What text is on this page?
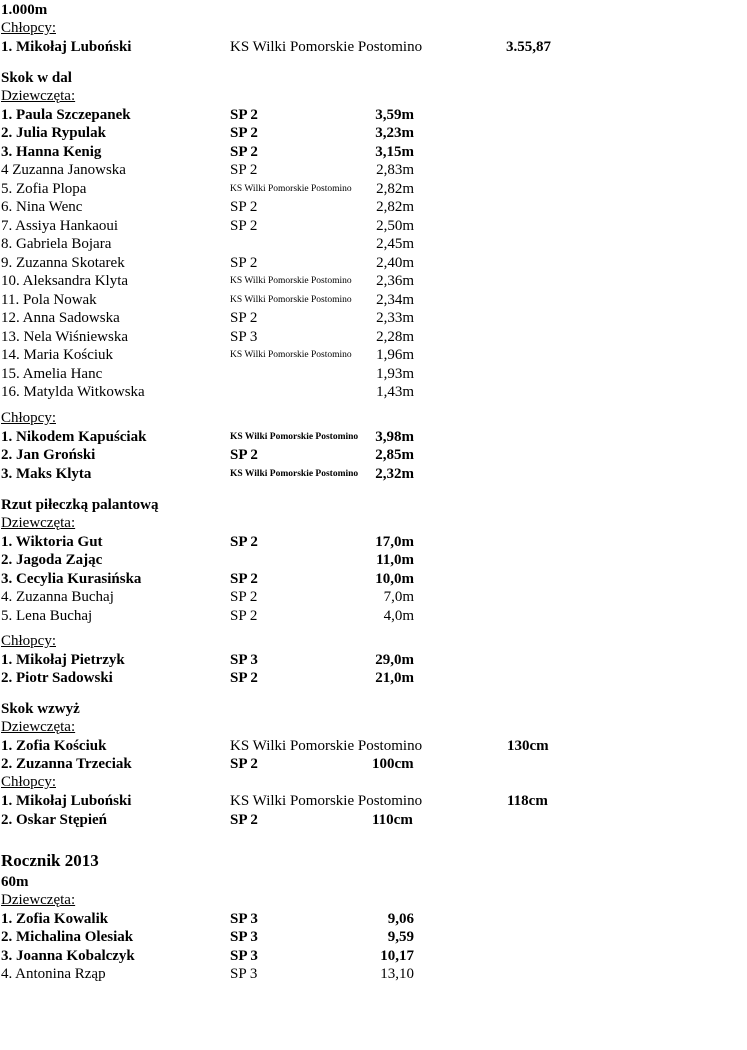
1.000m
Chłopcy:
1. Mikołaj Luboński	KS Wilki Pomorskie Postomino	3.55,87
Skok w dal
Dziewczęta:
1. Paula Szczepanek	SP 2	3,59m
2. Julia Rypulak	SP 2	3,23m
3. Hanna Kenig	SP 2	3,15m
4 Zuzanna Janowska	SP 2	2,83m
5. Zofia Plopa	KS Wilki Pomorskie Postomino 2,82m
6. Nina Wenc	SP 2	2,82m
7. Assiya Hankaoui	SP 2	2,50m
8. Gabriela Bojara	2,45m
9. Zuzanna Skotarek	SP 2	2,40m
10. Aleksandra Klyta	KS Wilki Pomorskie Postomino 2,36m
11. Pola Nowak	KS Wilki Pomorskie Postomino 2,34m
12. Anna Sadowska	SP 2	2,33m
13. Nela Wiśniewska	SP 3	2,28m
14. Maria Kościuk	KS Wilki Pomorskie Postomino 1,96m
15. Amelia Hanc	1,93m
16. Matylda Witkowska	1,43m
Chłopcy:
1. Nikodem Kapuściak	KS Wilki Pomorskie Postomino 3,98m
2. Jan Groński	SP 2	2,85m
3. Maks Klyta	KS Wilki Pomorskie Postomino 2,32m
Rzut piłeczką palantową
Dziewczęta:
1. Wiktoria Gut	SP 2	17,0m
2. Jagoda Zając	11,0m
3. Cecylia Kurasińska	SP 2	10,0m
4. Zuzanna Buchaj	SP 2	7,0m
5. Lena Buchaj	SP 2	4,0m
Chłopcy:
1. Mikołaj Pietrzyk	SP 3	29,0m
2. Piotr Sadowski	SP 2	21,0m
Skok wzwyż
Dziewczęta:
1. Zofia Kościuk	KS Wilki Pomorskie Postomino	130cm
2. Zuzanna Trzeciak	SP 2	100cm
Chłopcy:
1. Mikołaj Luboński	KS Wilki Pomorskie Postomino	118cm
2. Oskar Stępień	SP 2	110cm
Rocznik 2013
60m
Dziewczęta:
1. Zofia Kowalik	SP 3	9,06
2. Michalina Olesiak	SP 3	9,59
3. Joanna Kobalczyk	SP 3	10,17
4. Antonina Rząp	SP 3	13,10
